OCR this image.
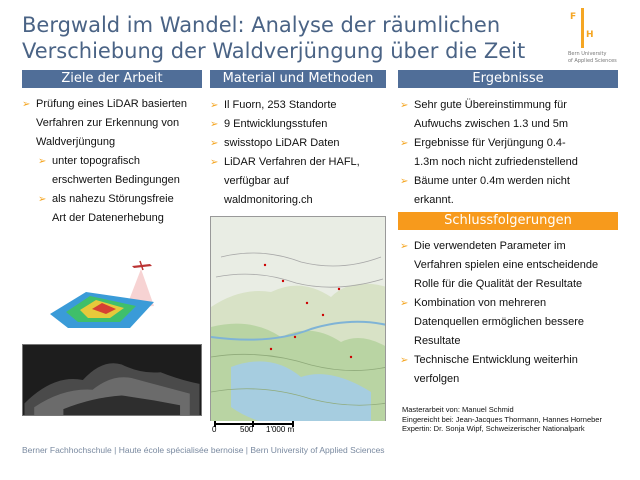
Bergwald im Wandel: Analyse der räumlichen
Verschiebung der Waldverjüngung über die Zeit
F
H
Bern University
of Applied Sciences
Ziele der Arbeit
➢ Prüfung eines LiDAR basierten
Verfahren zur Erkennung von
Waldverjüngung
➢ unter topografisch
erschwerten Bedingungen
➢ als nahezu Störungsfreie
Art der Datenerhebung
Material und Methoden
➢ Il Fuorn, 253 Standorte
➢ 9 Entwicklungsstufen
➢ swisstopo LiDAR Daten
➢ LiDAR Verfahren der HAFL,
verfügbar auf
waldmonitoring.ch
0	500 1'000 m
Ergebnisse
➢ Sehr gute Übereinstimmung für
Aufwuchs zwischen 1.3 und 5m
➢ Ergebnisse für Verjüngung 0.4-
1.3m noch nicht zufriedenstellend
➢ Bäume unter 0.4m werden nicht
erkannt.
Schlussfolgerungen
➢ Die verwendeten Parameter im
Verfahren spielen eine entscheidende
Rolle für die Qualität der Resultate
➢ Kombination von mehreren
Datenquellen ermöglichen bessere
Resultate
➢ Technische Entwicklung weiterhin
verfolgen
Masterarbeit von: Manuel Schmid
Eingereicht bei: Jean-Jacques Thormann, Hannes Horneber
Expertin: Dr. Sonja Wipf, Schweizerischer Nationalpark
Berner Fachhochschule | Haute école spécialisée bernoise | Bern University of Applied Sciences
